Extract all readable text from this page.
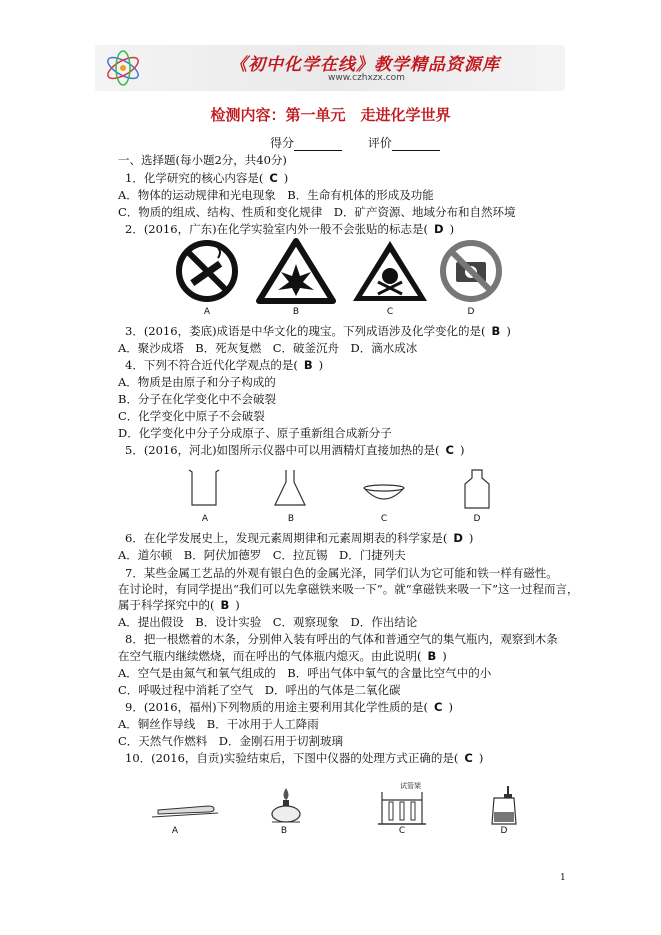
《初中化学在线》教学精品资源库
www.czhxzx.com
检测内容：第一单元　走进化学世界
得分	评价
一、选择题(每小题2分，共40分)
1．化学研究的核心内容是( C )
A．物体的运动规律和光电现象　B．生命有机体的形成及功能
C．物质的组成、结构、性质和变化规律　D．矿产资源、地域分布和自然环境
2．(2016，广东)在化学实验室内外一般不会张贴的标志是( D )
3．(2016，娄底)成语是中华文化的瑰宝。下列成语涉及化学变化的是( B )
A．聚沙成塔　B．死灰复燃　C．破釜沉舟　D．滴水成冰
4．下列不符合近代化学观点的是( B )
A．物质是由原子和分子构成的
B．分子在化学变化中不会破裂
C．化学变化中原子不会破裂
D．化学变化中分子分成原子、原子重新组合成新分子
5．(2016，河北)如图所示仪器中可以用酒精灯直接加热的是( C )
6．在化学发展史上，发现元素周期律和元素周期表的科学家是( D )
A．道尔顿　B．阿伏加德罗　C．拉瓦锡　D．门捷列夫
7．某些金属工艺品的外观有银白色的金属光泽，同学们认为它可能和铁一样有磁性。
在讨论时，有同学提出“我们可以先拿磁铁来吸一下”。就“拿磁铁来吸一下”这一过程而言，
属于科学探究中的( B )
A．提出假设　B．设计实验　C．观察现象　D．作出结论
8．把一根燃着的木条，分别伸入装有呼出的气体和普通空气的集气瓶内，观察到木条
在空气瓶内继续燃烧，而在呼出的气体瓶内熄灭。由此说明( B )
A．空气是由氮气和氧气组成的　B．呼出气体中氧气的含量比空气中的小
C．呼吸过程中消耗了空气　D．呼出的气体是二氧化碳
9．(2016，福州)下列物质的用途主要利用其化学性质的是( C )
A．铜丝作导线　B．干冰用于人工降雨
C．天然气作燃料　D．金刚石用于切割玻璃
10．(2016，自贡)实验结束后，下图中仪器的处理方式正确的是( C )
A	B	C	D
A	B	C	D
试管架
A	B	C	D
1
